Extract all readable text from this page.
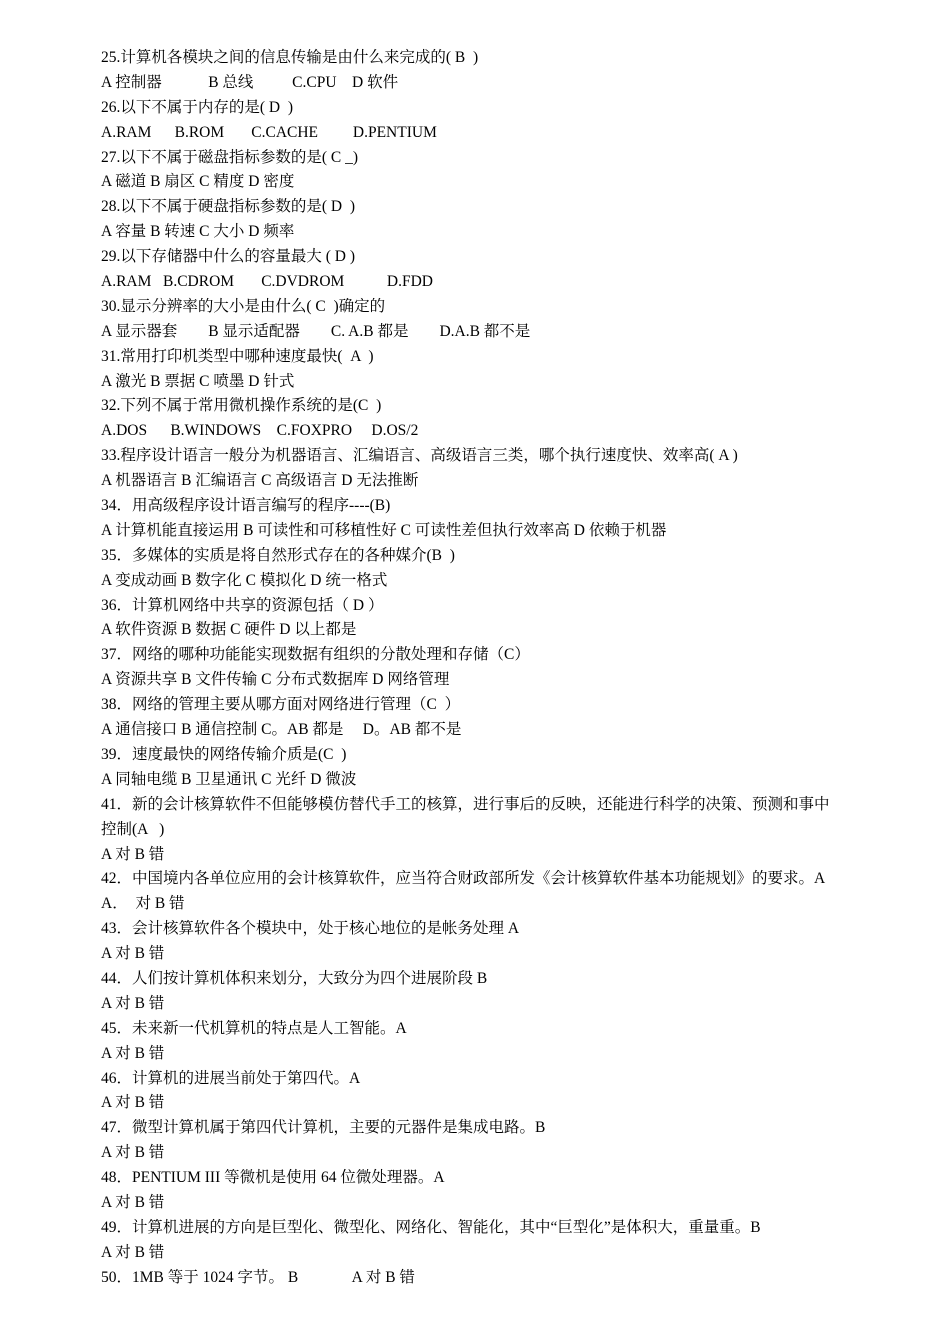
25.计算机各模块之间的信息传输是由什么来完成的( B  )
A 控制器            B 总线          C.CPU    D 软件
26.以下不属于内存的是( D  )
A.RAM      B.ROM       C.CACHE         D.PENTIUM
27.以下不属于磁盘指标参数的是( C _)
A 磁道 B 扇区 C 精度 D 密度
28.以下不属于硬盘指标参数的是( D  )
A 容量 B 转速 C 大小 D 频率
29.以下存储器中什么的容量最大 ( D )
A.RAM   B.CDROM       C.DVDROM           D.FDD
30.显示分辨率的大小是由什么( C  )确定的
A 显示器套        B 显示适配器        C. A.B 都是        D.A.B 都不是
31.常用打印机类型中哪种速度最快(  A  )
A 激光 B 票据 C 喷墨 D 针式
32.下列不属于常用微机操作系统的是(C  )
A.DOS      B.WINDOWS    C.FOXPRO     D.OS/2
33.程序设计语言一般分为机器语言、汇编语言、高级语言三类，哪个执行速度快、效率高( A )
A 机器语言 B 汇编语言 C 高级语言 D 无法推断
34．用高级程序设计语言编写的程序----(B)
A 计算机能直接运用 B 可读性和可移植性好 C 可读性差但执行效率高 D 依赖于机器
35．多媒体的实质是将自然形式存在的各种媒介(B  )
A 变成动画 B 数字化 C 模拟化 D 统一格式
36．计算机网络中共享的资源包括（ D ）
A 软件资源 B 数据 C 硬件 D 以上都是
37．网络的哪种功能能实现数据有组织的分散处理和存储（C）
A 资源共享 B 文件传输 C 分布式数据库 D 网络管理
38．网络的管理主要从哪方面对网络进行管理（C  ）
A 通信接口 B 通信控制 C。AB 都是     D。AB 都不是
39．速度最快的网络传输介质是(C  )
A 同轴电缆 B 卫星通讯 C 光纤 D 微波
41．新的会计核算软件不但能够模仿替代手工的核算，进行事后的反映，还能进行科学的决策、预测和事中
控制(A   )
A 对 B 错
42．中国境内各单位应用的会计核算软件，应当符合财政部所发《会计核算软件基本功能规划》的要求。A
A．  对 B 错
43．会计核算软件各个模块中，处于核心地位的是帐务处理 A
A 对 B 错
44．人们按计算机体积来划分，大致分为四个进展阶段 B
A 对 B 错
45．未来新一代机算机的特点是人工智能。A
A 对 B 错
46．计算机的进展当前处于第四代。A
A 对 B 错
47．微型计算机属于第四代计算机，主要的元器件是集成电路。B
A 对 B 错
48．PENTIUM III 等微机是使用 64 位微处理器。A
A 对 B 错
49．计算机进展的方向是巨型化、微型化、网络化、智能化，其中“巨型化”是体积大，重量重。B
A 对 B 错
50．1MB 等于 1024 字节。 B              A 对 B 错
